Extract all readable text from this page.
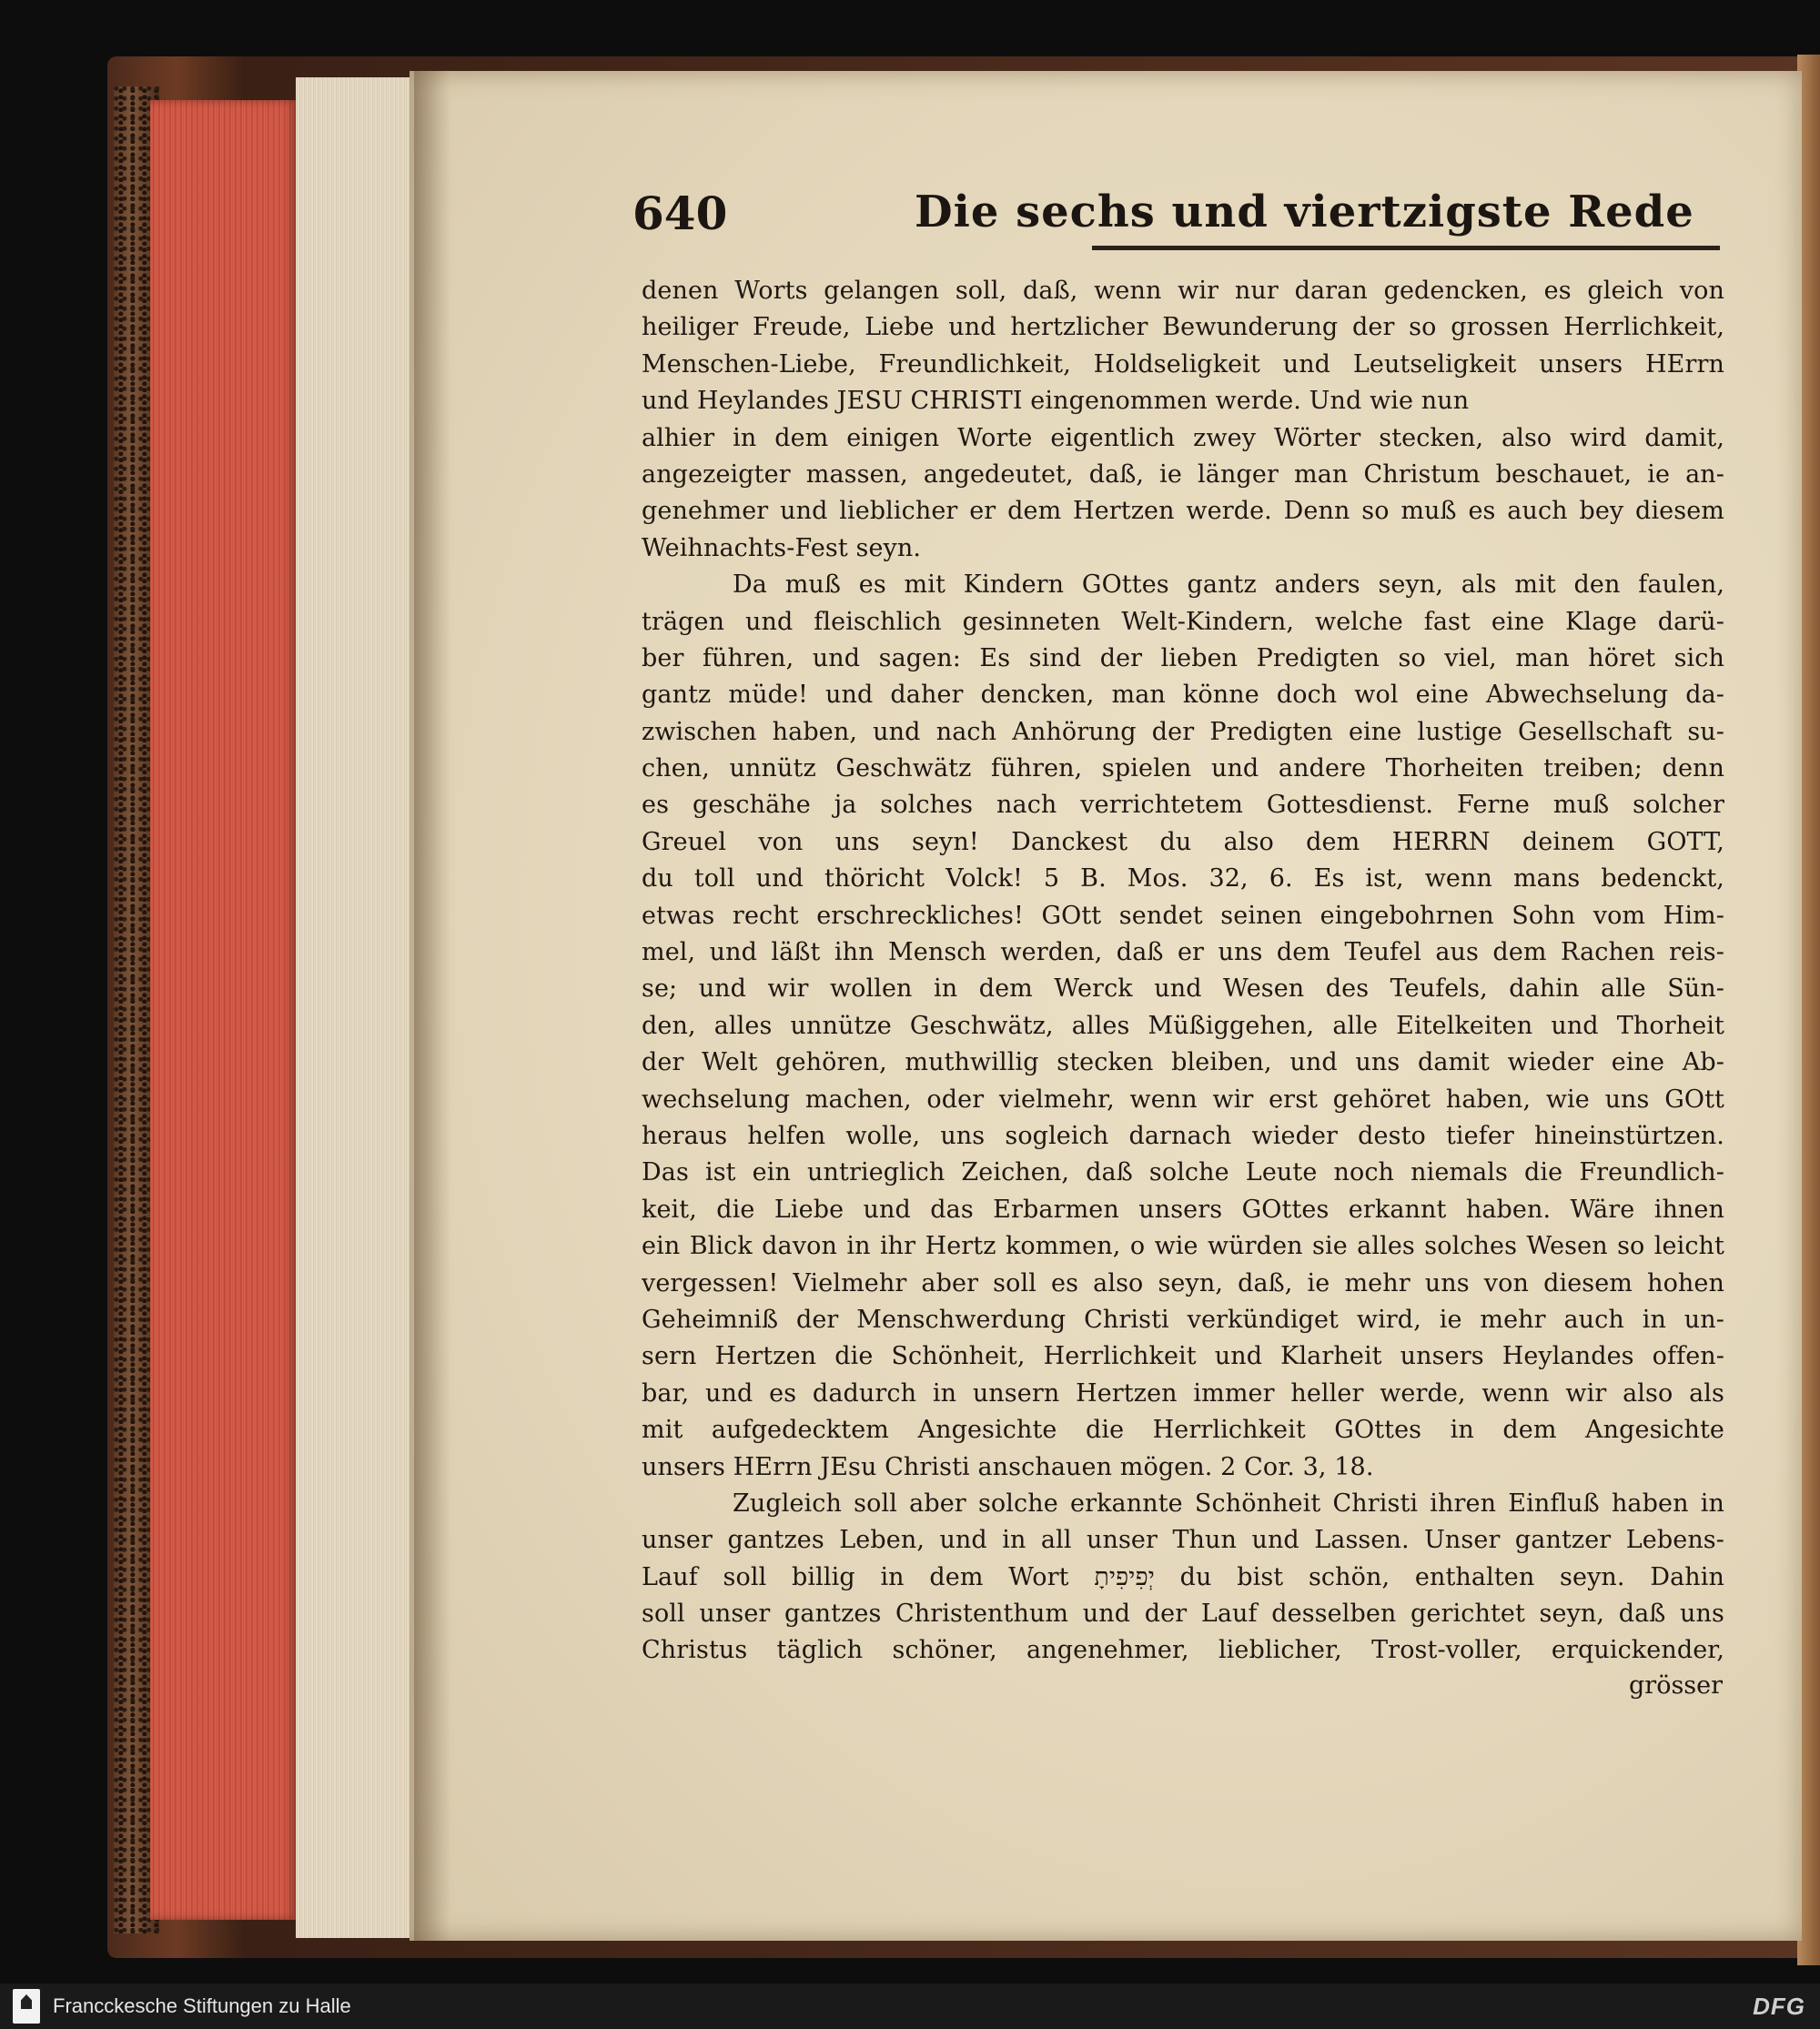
640	Die sechs und viertzigste Rede
denen Worts gelangen soll, daß, wenn wir nur daran gedencken, es gleich von
heiliger Freude, Liebe und hertzlicher Bewunderung der so grossen Herrlichkeit,
Menschen-Liebe, Freundlichkeit, Holdseligkeit und Leutseligkeit unsers HErrn
und Heylandes JESU CHRISTI eingenommen werde. Und wie nun
alhier in dem einigen Worte eigentlich zwey Wörter stecken, also wird damit,
angezeigter massen, angedeutet, daß, ie länger man Christum beschauet, ie an-
genehmer und lieblicher er dem Hertzen werde. Denn so muß es auch bey diesem
Weihnachts-Fest seyn.
Da muß es mit Kindern GOttes gantz anders seyn, als mit den faulen,
trägen und fleischlich gesinneten Welt-Kindern, welche fast eine Klage darü-
ber führen, und sagen: Es sind der lieben Predigten so viel, man höret sich
gantz müde! und daher dencken, man könne doch wol eine Abwechselung da-
zwischen haben, und nach Anhörung der Predigten eine lustige Gesellschaft su-
chen, unnütz Geschwätz führen, spielen und andere Thorheiten treiben; denn
es geschähe ja solches nach verrichtetem Gottesdienst. Ferne muß solcher
Greuel von uns seyn! Danckest du also dem HERRN deinem GOTT,
du toll und thöricht Volck! 5 B. Mos. 32, 6. Es ist, wenn mans bedenckt,
etwas recht erschreckliches! GOtt sendet seinen eingebohrnen Sohn vom Him-
mel, und läßt ihn Mensch werden, daß er uns dem Teufel aus dem Rachen reis-
se; und wir wollen in dem Werck und Wesen des Teufels, dahin alle Sün-
den, alles unnütze Geschwätz, alles Müßiggehen, alle Eitelkeiten und Thorheit
der Welt gehören, muthwillig stecken bleiben, und uns damit wieder eine Ab-
wechselung machen, oder vielmehr, wenn wir erst gehöret haben, wie uns GOtt
heraus helfen wolle, uns sogleich darnach wieder desto tiefer hineinstürtzen.
Das ist ein untrieglich Zeichen, daß solche Leute noch niemals die Freundlich-
keit, die Liebe und das Erbarmen unsers GOttes erkannt haben. Wäre ihnen
ein Blick davon in ihr Hertz kommen, o wie würden sie alles solches Wesen so leicht
vergessen! Vielmehr aber soll es also seyn, daß, ie mehr uns von diesem hohen
Geheimniß der Menschwerdung Christi verkündiget wird, ie mehr auch in un-
sern Hertzen die Schönheit, Herrlichkeit und Klarheit unsers Heylandes offen-
bar, und es dadurch in unsern Hertzen immer heller werde, wenn wir also als
mit aufgedecktem Angesichte die Herrlichkeit GOttes in dem Angesichte
unsers HErrn JEsu Christi anschauen mögen. 2 Cor. 3, 18.
Zugleich soll aber solche erkannte Schönheit Christi ihren Einfluß haben in
unser gantzes Leben, und in all unser Thun und Lassen. Unser gantzer Lebens-
Lauf soll billig in dem Wort יְפִיפִיתָ du bist schön, enthalten seyn. Dahin
soll unser gantzes Christenthum und der Lauf desselben gerichtet seyn, daß uns
Christus täglich schöner, angenehmer, lieblicher, Trost-voller, erquickender,
grösser
Francckesche Stiftungen zu Halle	DFG
